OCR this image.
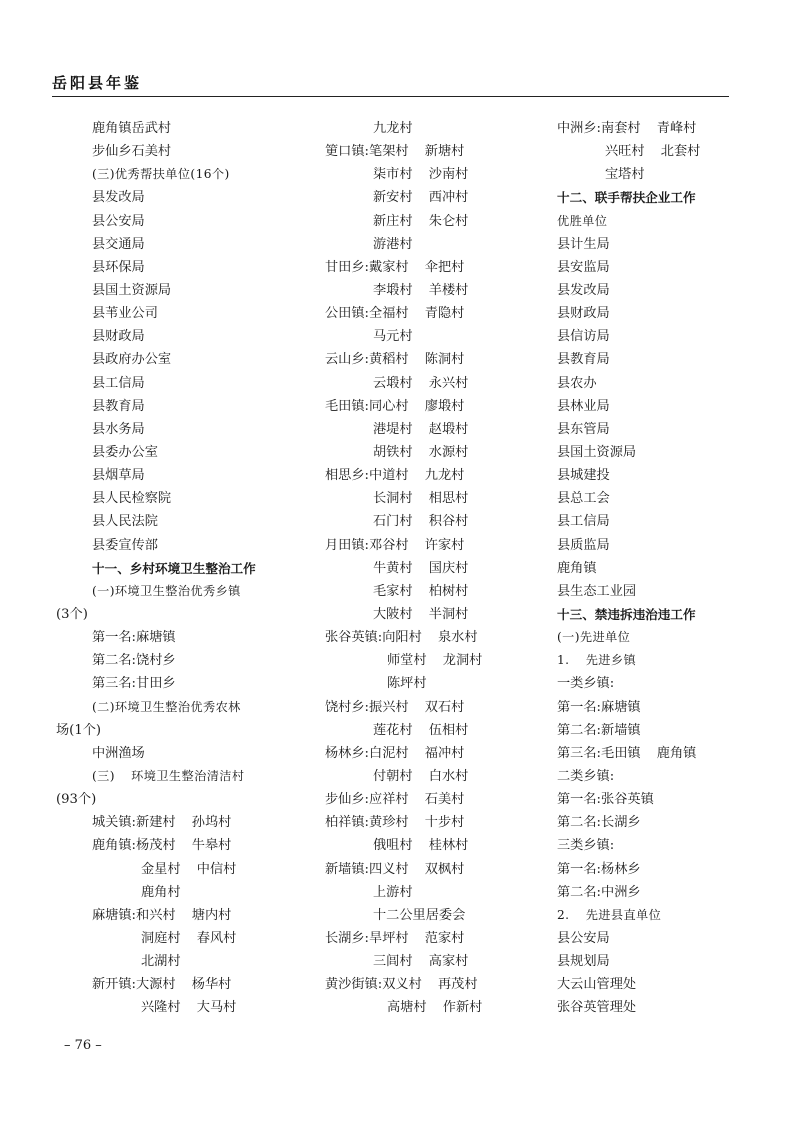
岳阳县年鉴
鹿角镇岳武村
步仙乡石美村
(三)优秀帮扶单位(16个)
县发改局
县公安局
县交通局
县环保局
县国土资源局
县苇业公司
县财政局
县政府办公室
县工信局
县教育局
县水务局
县委办公室
县烟草局
县人民检察院
县人民法院
县委宣传部
十一、乡村环境卫生整治工作
(一)环境卫生整治优秀乡镇
(3个)
第一名:麻塘镇
第二名:饶村乡
第三名:甘田乡
(二)环境卫生整治优秀农林
场(1个)
中洲渔场
(三) 环境卫生整治清洁村
(93个)
城关镇:新建村 孙坞村
鹿角镇:杨茂村 牛皋村
金星村 中信村
鹿角村
麻塘镇:和兴村 塘内村
洞庭村 春风村
北湖村
新开镇:大源村 杨华村
兴隆村 大马村
九龙村
筻口镇:笔架村 新塘村
柒市村 沙南村
新安村 西冲村
新庄村 朱仑村
游港村
甘田乡:戴家村 伞把村
李塅村 羊楼村
公田镇:全福村 青隐村
马元村
云山乡:黄稻村 陈洞村
云塅村 永兴村
毛田镇:同心村 廖塅村
港堤村 赵塅村
胡铁村 水源村
相思乡:中道村 九龙村
长洞村 相思村
石门村 积谷村
月田镇:邓谷村 许家村
牛黄村 国庆村
毛家村 柏树村
大陂村 半洞村
张谷英镇:向阳村 泉水村
师堂村 龙洞村
陈坪村
饶村乡:振兴村 双石村
莲花村 伍相村
杨林乡:白泥村 福冲村
付朝村 白水村
步仙乡:应祥村 石美村
柏祥镇:黄珍村 十步村
俄咀村 桂林村
新墙镇:四义村 双枫村
上游村
十二公里居委会
长湖乡:旱坪村 范家村
三闾村 高家村
黄沙街镇:双义村 再茂村
高塘村 作新村
中洲乡:南套村 青峰村
兴旺村 北套村
宝塔村
十二、联手帮扶企业工作
优胜单位
县计生局
县安监局
县发改局
县财政局
县信访局
县教育局
县农办
县林业局
县东管局
县国土资源局
县城建投
县总工会
县工信局
县质监局
鹿角镇
县生态工业园
十三、禁违拆违治违工作
(一)先进单位
1. 先进乡镇
一类乡镇:
第一名:麻塘镇
第二名:新墙镇
第三名:毛田镇 鹿角镇
二类乡镇:
第一名:张谷英镇
第二名:长湖乡
三类乡镇:
第一名:杨林乡
第二名:中洲乡
2. 先进县直单位
县公安局
县规划局
大云山管理处
张谷英管理处
– 76 –
